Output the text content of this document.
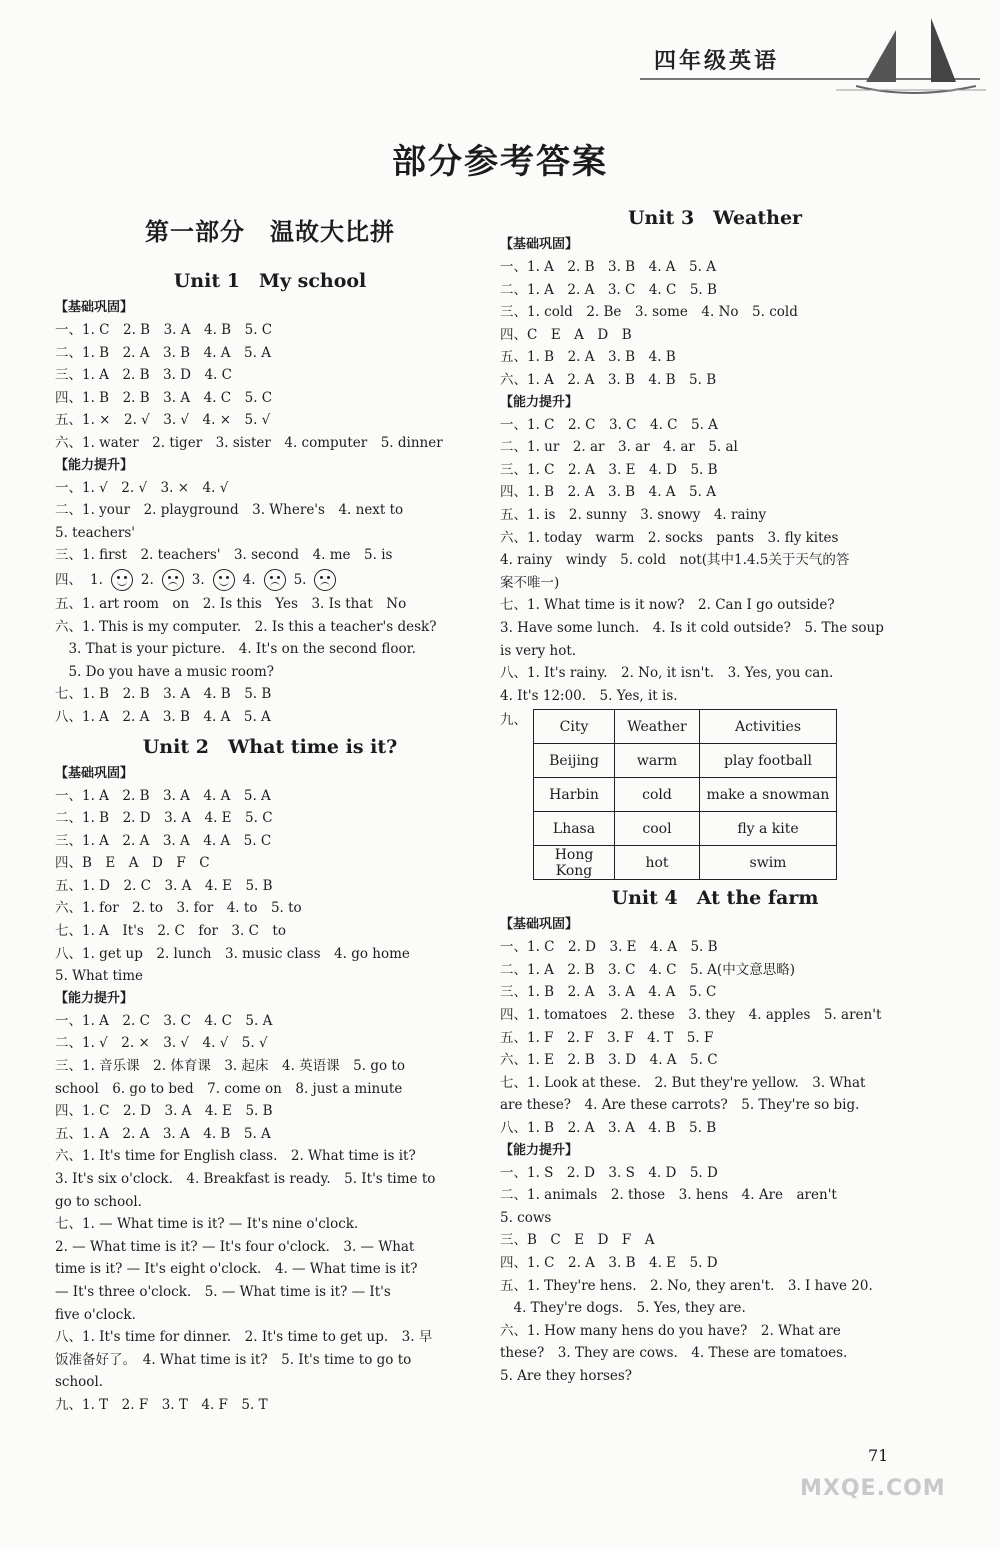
四年级英语
部分参考答案
第一部分　温故大比拼
Unit 1　My school
【基础巩固】
一、1. C　2. B　3. A　4. B　5. C
二、1. B　2. A　3. B　4. A　5. A
三、1. A　2. B　3. D　4. C
四、1. B　2. B　3. A　4. C　5. C
五、1. ×　2. √　3. √　4. ×　5. √
六、1. water　2. tiger　3. sister　4. computer　5. dinner
【能力提升】
一、1. √　2. √　3. ×　4. √
二、1. your　2. playground　3. Where's　4. next to
5. teachers'
三、1. first　2. teachers'　3. second　4. me　5. is
四、 1.	2.	3.	4.	5.
五、1. art room　on　2. Is this　Yes　3. Is that　No
六、1. This is my computer.　2. Is this a teacher's desk?
　3. That is your picture.　4. It's on the second floor.
　5. Do you have a music room?
七、1. B　2. B　3. A　4. B　5. B
八、1. A　2. A　3. B　4. A　5. A
Unit 2　What time is it?
【基础巩固】
一、1. A　2. B　3. A　4. A　5. A
二、1. B　2. D　3. A　4. E　5. C
三、1. A　2. A　3. A　4. A　5. C
四、B　E　A　D　F　C
五、1. D　2. C　3. A　4. E　5. B
六、1. for　2. to　3. for　4. to　5. to
七、1. A　It's　2. C　for　3. C　to
八、1. get up　2. lunch　3. music class　4. go home
5. What time
【能力提升】
一、1. A　2. C　3. C　4. C　5. A
二、1. √　2. ×　3. √　4. √　5. √
三、1. 音乐课　2. 体育课　3. 起床　4. 英语课　5. go to
school　6. go to bed　7. come on　8. just a minute
四、1. C　2. D　3. A　4. E　5. B
五、1. A　2. A　3. A　4. B　5. A
六、1. It's time for English class.　2. What time is it?
3. It's six o'clock.　4. Breakfast is ready.　5. It's time to
go to school.
七、1. — What time is it? — It's nine o'clock.
2. — What time is it? — It's four o'clock.　3. — What
time is it? — It's eight o'clock.　4. — What time is it?
— It's three o'clock.　5. — What time is it? — It's
five o'clock.
八、1. It's time for dinner.　2. It's time to get up.　3. 早
饭准备好了。　4. What time is it?　5. It's time to go to
school.
九、1. T　2. F　3. T　4. F　5. T
Unit 3　Weather
【基础巩固】
一、1. A　2. B　3. B　4. A　5. A
二、1. A　2. A　3. C　4. C　5. B
三、1. cold　2. Be　3. some　4. No　5. cold
四、C　E　A　D　B
五、1. B　2. A　3. B　4. B
六、1. A　2. A　3. B　4. B　5. B
【能力提升】
一、1. C　2. C　3. C　4. C　5. A
二、1. ur　2. ar　3. ar　4. ar　5. al
三、1. C　2. A　3. E　4. D　5. B
四、1. B　2. A　3. B　4. A　5. A
五、1. is　2. sunny　3. snowy　4. rainy
六、1. today　warm　2. socks　pants　3. fly kites
4. rainy　windy　5. cold　not(其中1.4.5关于天气的答
案不唯一)
七、1. What time is it now?　2. Can I go outside?
3. Have some lunch.　4. Is it cold outside?　5. The soup
is very hot.
八、1. It's rainy.　2. No, it isn't.　3. Yes, you can.
4. It's 12:00.　5. Yes, it is.
九、 City	Weather	Activities
Beijing	warm	play football
Harbin	cold	make a snowman
Lhasa	cool	fly a kite
Hong Kong	hot	swim
Unit 4　At the farm
【基础巩固】
一、1. C　2. D　3. E　4. A　5. B
二、1. A　2. B　3. C　4. C　5. A(中文意思略)
三、1. B　2. A　3. A　4. A　5. C
四、1. tomatoes　2. these　3. they　4. apples　5. aren't
五、1. F　2. F　3. F　4. T　5. F
六、1. E　2. B　3. D　4. A　5. C
七、1. Look at these.　2. But they're yellow.　3. What
are these?　4. Are these carrots?　5. They're so big.
八、1. B　2. A　3. A　4. B　5. B
【能力提升】
一、1. S　2. D　3. S　4. D　5. D
二、1. animals　2. those　3. hens　4. Are　aren't
5. cows
三、B　C　E　D　F　A
四、1. C　2. A　3. B　4. E　5. D
五、1. They're hens.　2. No, they aren't.　3. I have 20.
　4. They're dogs.　5. Yes, they are.
六、1. How many hens do you have?　2. What are
these?　3. They are cows.　4. These are tomatoes.
5. Are they horses?
71
MXQE.COM
